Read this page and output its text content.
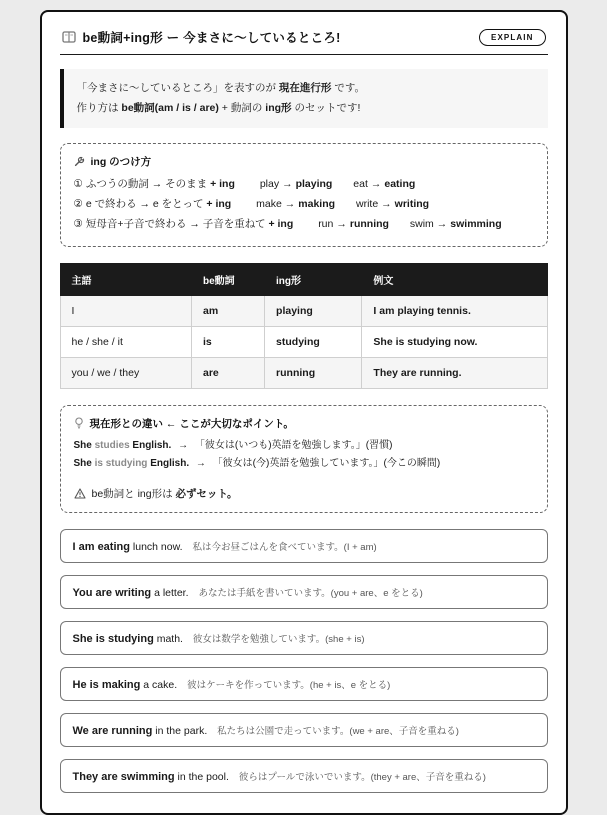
be動詞+ing形 ー 今まさに〜しているところ!	EXPLAIN

「今まさに〜しているところ」を表すのが 現在進行形 です。

作り方は be動詞(am / is / are) + 動詞の ing形 のセットです!

ing のつけ方

① ふつうの動詞 → そのまま + ing play → playing eat → eating

② e で終わる → e をとって + ing make → making write → writing

③ 短母音+子音で終わる → 子音を重ねて + ing run → running swim → swimming

主語	be動詞	ing形	例文
I	am	playing	I am playing tennis.
he / she / it	is	studying	She is studying now.
you / we / they	are	running	They are running.
現在形との違い ← ここが大切なポイント。

She studies English. → 「彼女は(いつも)英語を勉強します。」(習慣)

She is studying English. → 「彼女は(今)英語を勉強しています。」(今この瞬間)

be動詞と ing形は 必ずセット。
I am eating lunch now. 私は今お昼ごはんを食べています。(I + am)
You are writing a letter. あなたは手紙を書いています。(you + are、e をとる)
She is studying math. 彼女は数学を勉強しています。(she + is)
He is making a cake. 彼はケーキを作っています。(he + is、e をとる)
We are running in the park. 私たちは公園で走っています。(we + are、子音を重ねる)
They are swimming in the pool. 彼らはプールで泳いでいます。(they + are、子音を重ねる)
